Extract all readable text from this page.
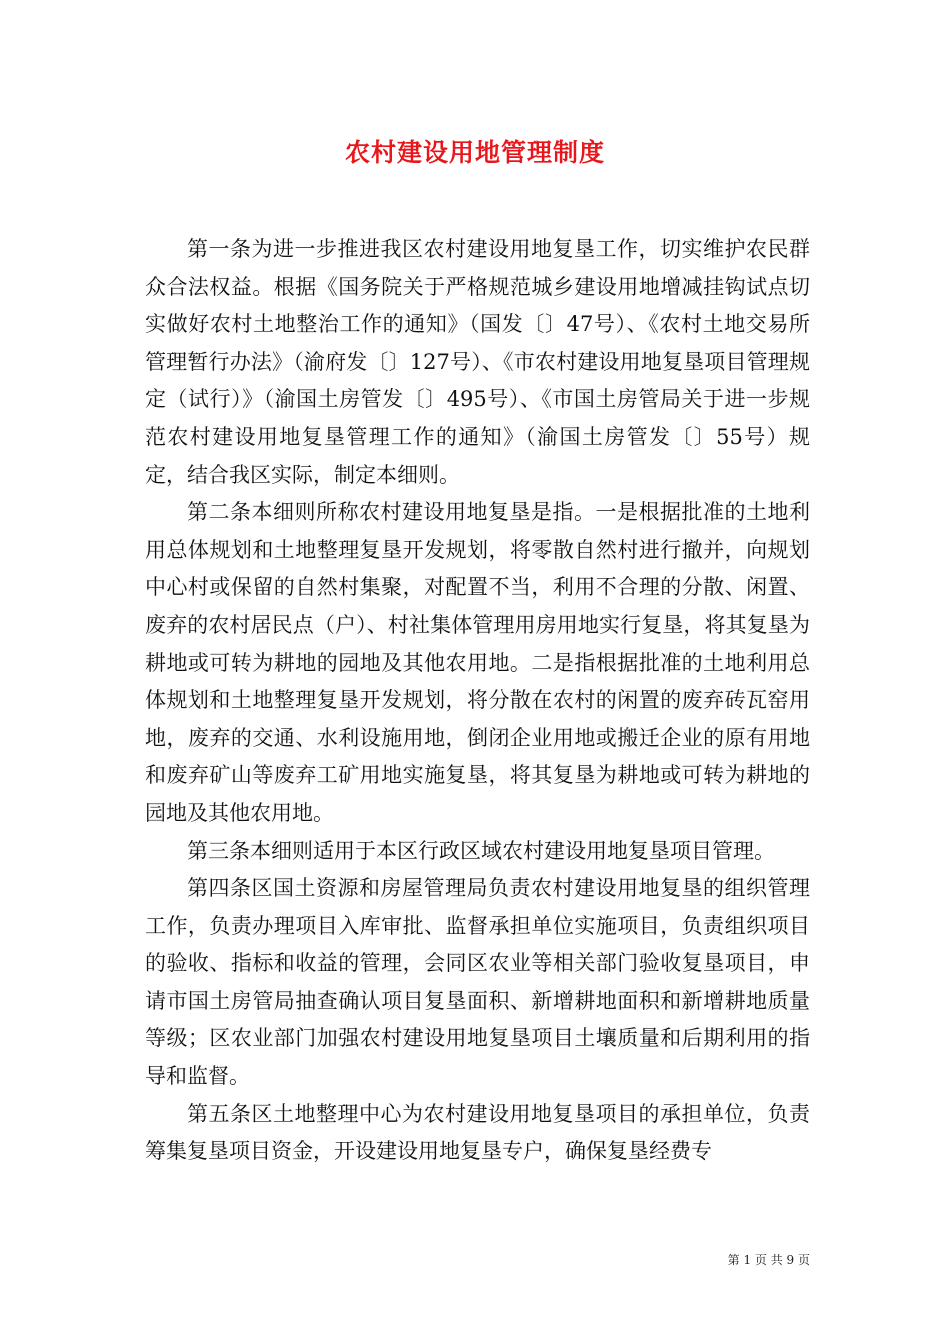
农村建设用地管理制度

第一条为进一步推进我区农村建设用地复垦工作，切实维护农民群众合法权益。根据《国务院关于严格规范城乡建设用地增减挂钩试点切实做好农村土地整治工作的通知》（国发〔〕47号）、《农村土地交易所管理暂行办法》（渝府发〔〕127号）、《市农村建设用地复垦项目管理规定（试行）》（渝国土房管发〔〕495号）、《市国土房管局关于进一步规范农村建设用地复垦管理工作的通知》（渝国土房管发〔〕55号）规定，结合我区实际，制定本细则。

第二条本细则所称农村建设用地复垦是指。一是根据批准的土地利用总体规划和土地整理复垦开发规划，将零散自然村进行撤并，向规划中心村或保留的自然村集聚，对配置不当，利用不合理的分散、闲置、废弃的农村居民点（户）、村社集体管理用房用地实行复垦，将其复垦为耕地或可转为耕地的园地及其他农用地。二是指根据批准的土地利用总体规划和土地整理复垦开发规划，将分散在农村的闲置的废弃砖瓦窑用地，废弃的交通、水利设施用地，倒闭企业用地或搬迁企业的原有用地和废弃矿山等废弃工矿用地实施复垦，将其复垦为耕地或可转为耕地的园地及其他农用地。

第三条本细则适用于本区行政区域农村建设用地复垦项目管理。

第四条区国土资源和房屋管理局负责农村建设用地复垦的组织管理工作，负责办理项目入库审批、监督承担单位实施项目，负责组织项目的验收、指标和收益的管理，会同区农业等相关部门验收复垦项目，申请市国土房管局抽查确认项目复垦面积、新增耕地面积和新增耕地质量等级；区农业部门加强农村建设用地复垦项目土壤质量和后期利用的指导和监督。

第五条区土地整理中心为农村建设用地复垦项目的承担单位，负责筹集复垦项目资金，开设建设用地复垦专户，确保复垦经费专

第 1 页 共 9 页
